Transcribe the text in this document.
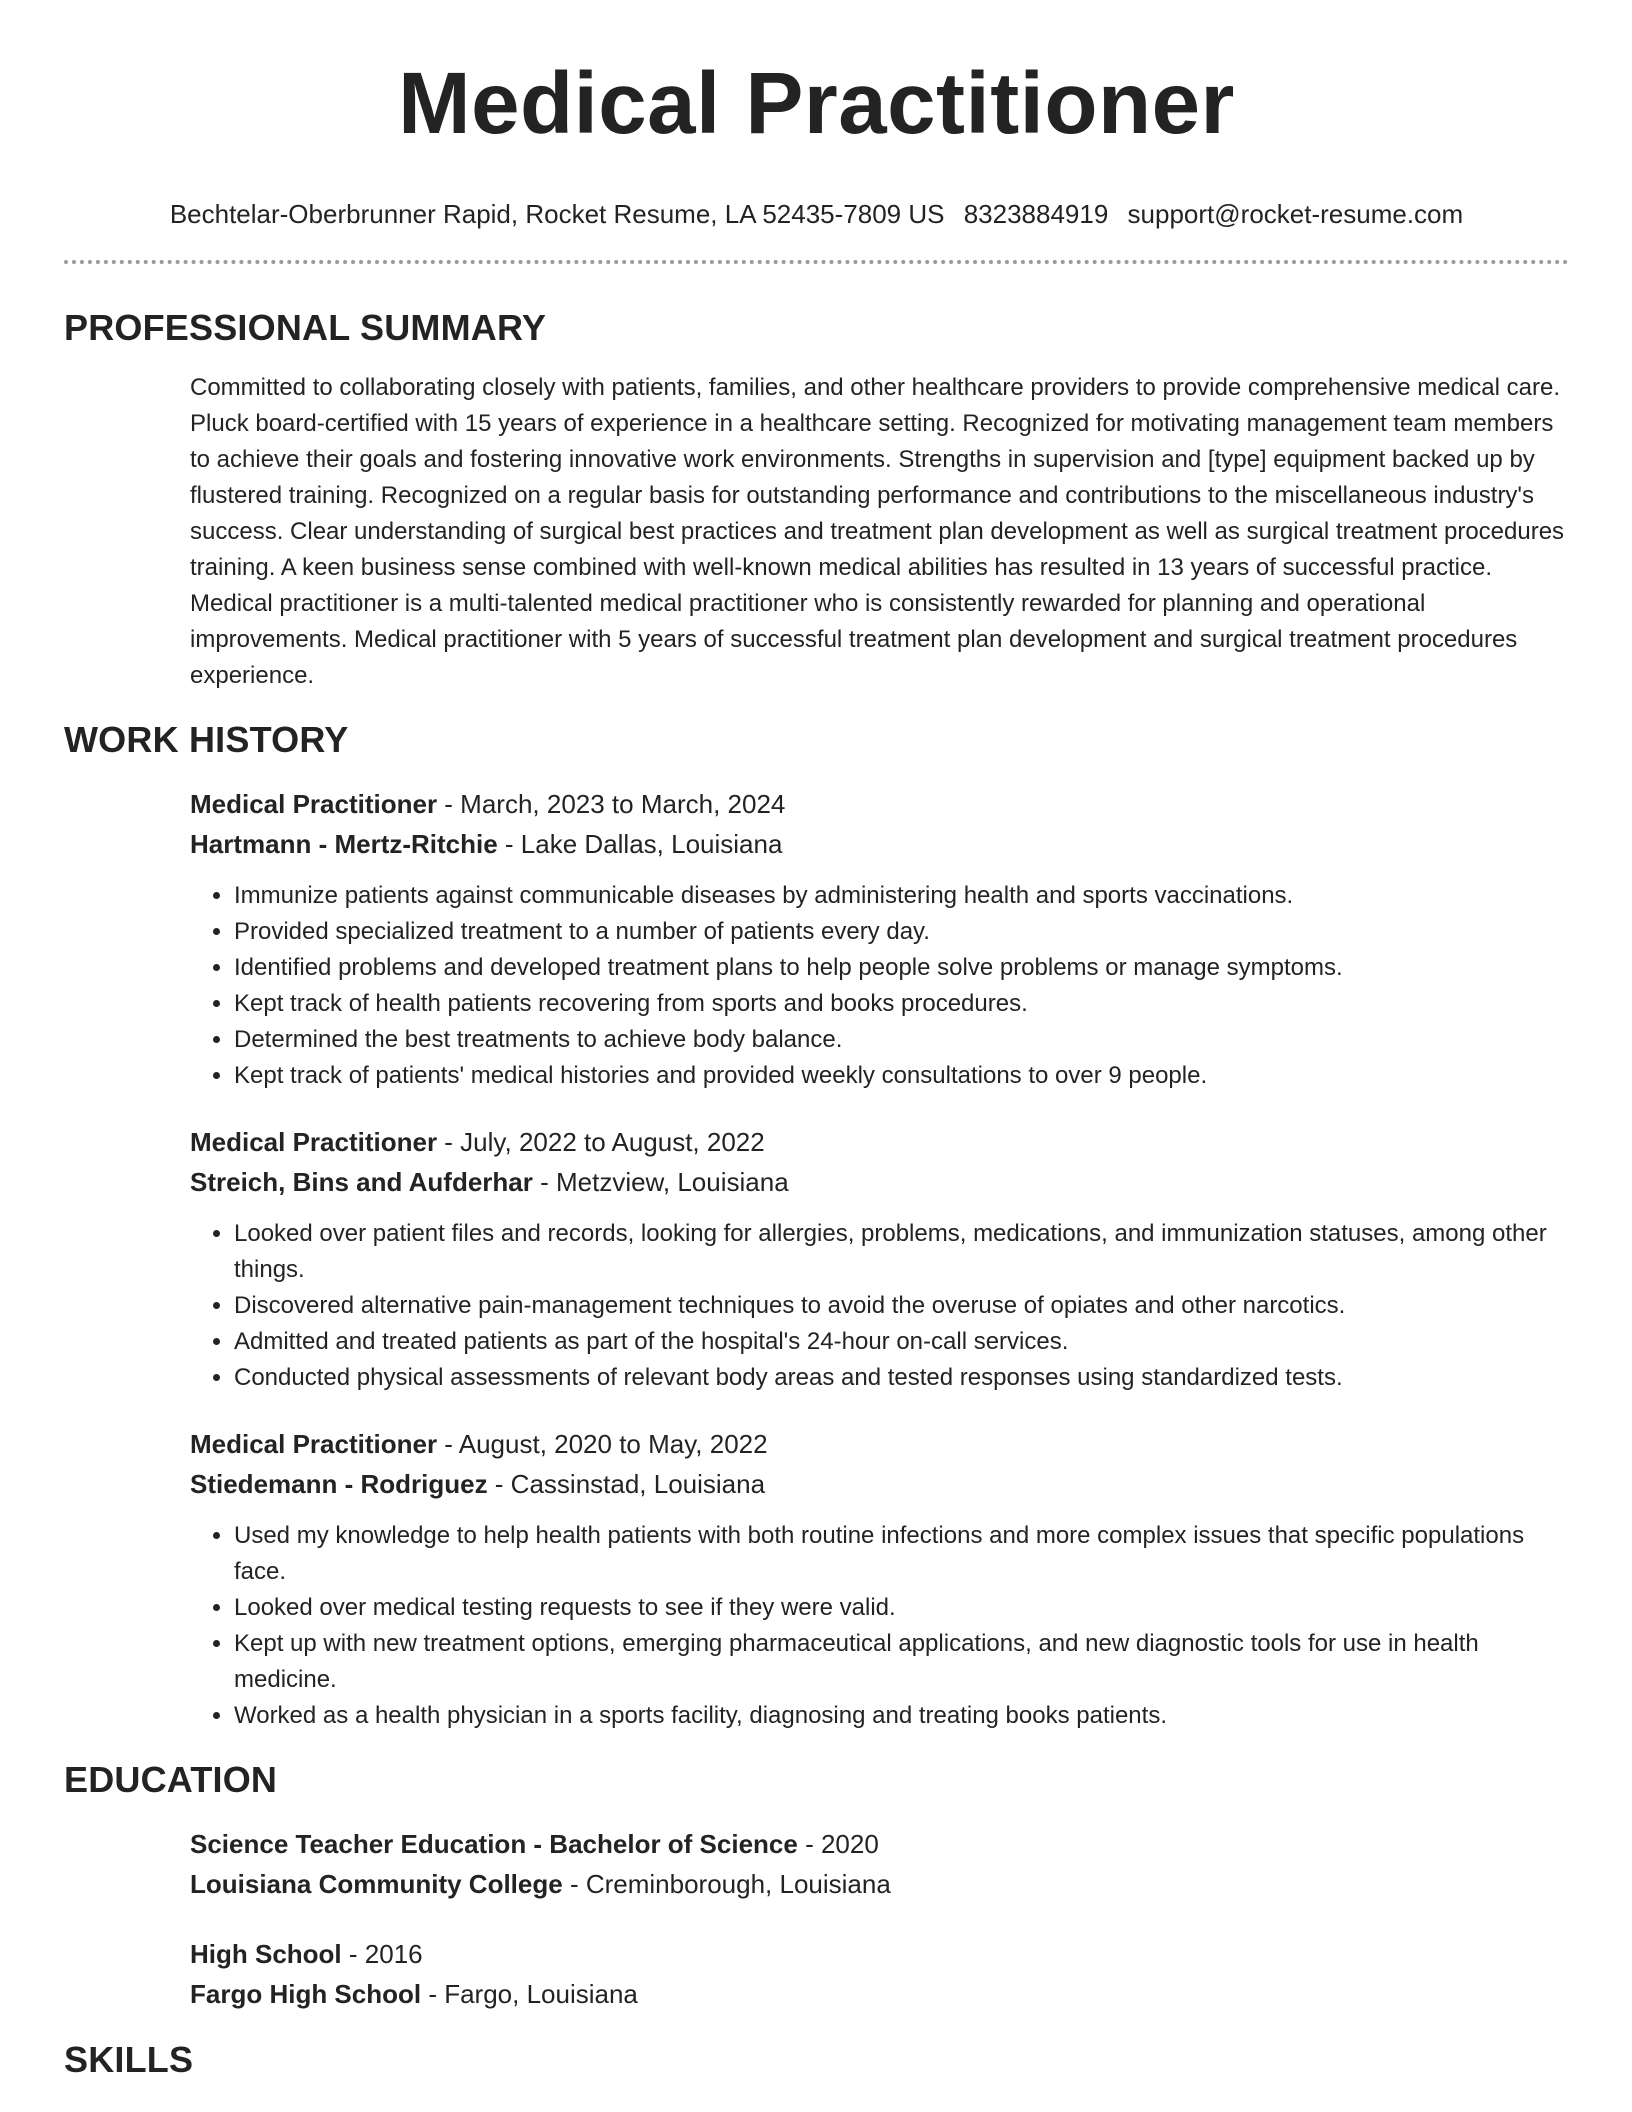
Medical Practitioner
Bechtelar-Oberbrunner Rapid, Rocket Resume, LA 52435-7809 US 8323884919 support@rocket-resume.com
PROFESSIONAL SUMMARY

Committed to collaborating closely with patients, families, and other healthcare providers to provide comprehensive medical care. Pluck board-certified with 15 years of experience in a healthcare setting. Recognized for motivating management team members to achieve their goals and fostering innovative work environments. Strengths in supervision and [type] equipment backed up by flustered training. Recognized on a regular basis for outstanding performance and contributions to the miscellaneous industry's success. Clear understanding of surgical best practices and treatment plan development as well as surgical treatment procedures training. A keen business sense combined with well-known medical abilities has resulted in 13 years of successful practice. Medical practitioner is a multi-talented medical practitioner who is consistently rewarded for planning and operational improvements. Medical practitioner with 5 years of successful treatment plan development and surgical treatment procedures experience.

WORK HISTORY
Medical Practitioner - March, 2023 to March, 2024
Hartmann - Mertz-Ritchie - Lake Dallas, Louisiana
• Immunize patients against communicable diseases by administering health and sports vaccinations.
• Provided specialized treatment to a number of patients every day.
• Identified problems and developed treatment plans to help people solve problems or manage symptoms.
• Kept track of health patients recovering from sports and books procedures.
• Determined the best treatments to achieve body balance.
• Kept track of patients' medical histories and provided weekly consultations to over 9 people.
Medical Practitioner - July, 2022 to August, 2022
Streich, Bins and Aufderhar - Metzview, Louisiana
• Looked over patient files and records, looking for allergies, problems, medications, and immunization statuses, among other things.
• Discovered alternative pain-management techniques to avoid the overuse of opiates and other narcotics.
• Admitted and treated patients as part of the hospital's 24-hour on-call services.
• Conducted physical assessments of relevant body areas and tested responses using standardized tests.
Medical Practitioner - August, 2020 to May, 2022
Stiedemann - Rodriguez - Cassinstad, Louisiana
• Used my knowledge to help health patients with both routine infections and more complex issues that specific populations face.
• Looked over medical testing requests to see if they were valid.
• Kept up with new treatment options, emerging pharmaceutical applications, and new diagnostic tools for use in health medicine.
• Worked as a health physician in a sports facility, diagnosing and treating books patients.
EDUCATION
Science Teacher Education - Bachelor of Science - 2020
Louisiana Community College - Creminborough, Louisiana
High School - 2016
Fargo High School - Fargo, Louisiana
SKILLS
